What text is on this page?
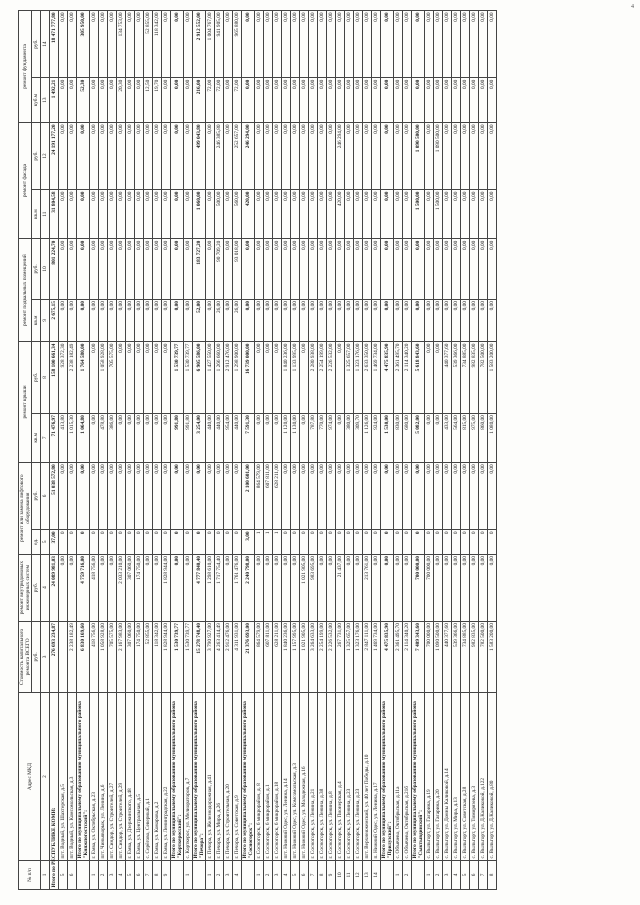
4
№ п/п	Адрес МКД	Стоимость капитального ремонта ВСЕГО	ремонт внутридомовых инженерных систем	ремонт или замена лифтового оборудования		ремонт крыши		ремонт подвальных помещений		ремонт фасада		ремонт фундамента	
		руб.	руб.	ед.	руб.	кв.м	руб.	кв.м	руб.	кв.м	руб.	куб.м	руб.
1	2	3	4	5	6	7	8	9	10	11	12	13	14
Итого по РЕСПУБЛИКЕ КОМИ:		276 693 234,87	24 089 981,03	37,00	51 038 572,80	71 476,97	158 100 661,34	2 675,15	801 224,70	31 804,58	24 191 177,20	1 492,21	18 471 777,80
5	пгт. Водный, ул. Шахтерская, д.5		0,00	0	0,00	413,80	928 372,30	0,00	0,00	0,00	0,00	0,00	0,00
6	пгт. Водный, ул. Комсомольская, д.3	2 238 182,49	0,00	0	0,00	1 015,30	2 238 182,49	0,00	0,00	0,00	0,00	0,00	0,00
	Итого по муниципальному образованию муниципального района "Княжпогостский":	6 830 169,60	4 759 716,00	0	0,00	1 064,80	1 764 580,00	0,00	0,00	0,00	0,00	52,30	305 950,00
1	г. Емва, ул. Октябрьская, д.23	418 756,00	418 756,00	0	0,00	0,00	0,00	0,00	0,00	0,00	0,00	0,00	0,00
2	пгт. Чиньяворык, ул. Ленина, д.6	1 058 928,00	0,00	0	0,00	478,80	1 058 928,00	0,00	0,00	0,00	0,00	0,00	0,00
3	пгт. Синдор, ул. Строителей, д.27	705 575,00	0,00	0	0,00	386,00	705 575,00	0,00	0,00	0,00	0,00	0,00	0,00
4	пгт. Синдор, ул. Строителей, д.29	2 167 983,00	2 033 210,00	0	0,00	0,00	0,00	0,00	0,00	0,00	0,00	20,30	134 753,00
5	г. Емва, ул. Дзержинского, д.48	307 060,00	307 060,00	0	0,00	0,00	0,00	0,00	0,00	0,00	0,00	0,00	0,00
6	г. Емва, ул. Центральная, д.5	174 750,00	174 750,00	0	0,00	0,00	0,00	0,00	0,00	0,00	0,00	0,00	0,00
7	с. Серёгово, Северный, д.1	52 855,00	0,00	0	0,00	0,00	0,00	0,00	0,00	0,00	0,00	12,50	52 855,00
8	г. Емва, ул. Комарова, д.2	118 342,00	0,00	0	0,00	0,00	0,00	0,00	0,00	0,00	0,00	19,70	118 342,00
9	г. Емва, ул. Ленинградская, д.22	1 828 944,00	1 828 944,00	0	0,00	0,00	0,00	0,00	0,00	0,00	0,00	0,00	0,00
	Итого по муниципальному образованию муниципального района "Корткеросский":	1 530 739,77	0,00	0	0,00	991,80	1 530 739,77	0,00	0,00	0,00	0,00	0,00	0,00
1	с. Корткерос, ул. Мелиораторов, д.7	1 530 739,77	0,00	0	0,00	991,80	1 530 739,77	0,00	0,00	0,00	0,00	0,00	0,00
	Итого по муниципальному образованию муниципального района "Печора":	15 278 748,40	4 777 840,40	0	0,00	3 254,00	6 905 586,00	52,00	183 727,20	1 060,00	499 043,80	216,00	2 912 552,00
1	г. Печора, ул. Железнодорожная, д.41	3 790 927,00	1 298 610,00	0	0,00	440,00	1 427 550,00	0,00	0,00	0,00	0,00	72,00	1 004 767,00
2	г. Печора, ул. Мира, д.26	4 263 414,49	1 717 754,40	0	0,00	440,00	1 266 660,00	26,00	90 709,20	500,00	246 385,80	72,00	941 905,00
3	г. Печора, ул. Строительная, д.20	2 912 476,00	0,00	0	0,00	954,00	2 912 476,00	0,00	0,00	0,00	0,00	0,00	0,00
4	г. Печора, ул. Советская, д.9	4 311 931,00	1 761 476,00	0	0,00	440,00	1 298 900,00	26,00	93 018,00	560,00	252 657,00	72,00	965 880,00
	Итого по муниципальному образованию муниципального района "Сосногорск":	21 376 693,00	2 240 798,00	3,00	2 100 601,00	7 591,30	16 739 000,00	0,00	0,00	420,00	246 294,00	0,00	0,00
1	г. Сосногорск, 6 микрорайон, д. 8	864 579,00	0,00	1	864 579,00	0,00	0,00	0,00	0,00	0,00	0,00	0,00	0,00
2	г. Сосногорск, 6 микрорайон, д.1	607 811,00	0,00	1	607 811,00	0,00	0,00	0,00	0,00	0,00	0,00	0,00	0,00
3	г. Сосногорск, 6 микрорайон, д.18	628 211,00	0,00	1	628 211,00	0,00	0,00	0,00	0,00	0,00	0,00	0,00	0,00
4	пгт. Нижний Одес, ул. Ленина, д.14	1 840 236,00	0,00	0	0,00	1 120,00	1 840 236,00	0,00	0,00	0,00	0,00	0,00	0,00
5	пгт. Нижний Одес, ул. Комсомольская, д.3	1 157 995,00	0,00	0	0,00	1 130,00	1 133 995,00	0,00	0,00	0,00	0,00	0,00	0,00
6	пгт. Нижний Одес, ул. Молодежная, д.16	1 021 905,00	1 021 905,00	0	0,00	0,00	0,00	0,00	0,00	0,00	0,00	0,00	0,00
7	г. Сосногорск, ул. Ленина, д.21	3 264 633,00	983 695,00	0	0,00	787,80	2 280 938,00	0,00	0,00	0,00	0,00	0,00	0,00
8	г. Сосногорск, ул. Ленина, д.38	2 254 199,00	0,00	0	0,00	770,00	2 254 199,00	0,00	0,00	0,00	0,00	0,00	0,00
9	г. Сосногорск, ул. Ленина, д.8	2 226 532,00	0,00	0	0,00	974,00	2 226 532,00	0,00	0,00	0,00	0,00	0,00	0,00
10	г. Сосногорск, ул. Пионерская, д.4	267 731,00	21 437,00	0	0,00	0,00	0,00	0,00	0,00	420,00	246 294,00	0,00	0,00
11	г. Сосногорск, ул. Ленина, д.23	1 325 657,00	0,00	0	0,00	380,00	1 325 657,00	0,00	0,00	0,00	0,00	0,00	0,00
12	г. Сосногорск, ул. Ленина, д.23	1 323 176,00	0,00	0	0,00	309,70	1 323 176,00	0,00	0,00	0,00	0,00	0,00	0,00
13	пгт. Верхнеижемский, ул. 40 лет Победы, д.10	2 847 111,00	213 761,00	0	0,00	1 126,00	2 633 350,00	0,00	0,00	0,00	0,00	0,00	0,00
14	п. Нижний Одес, ул. Ленина, д.17	1 469 734,00	0,00	0	0,00	924,00	1 469 734,00	0,00	0,00	0,00	0,00	0,00	0,00
	Итого по муниципальному образованию муниципального района "Прилузский":	4 475 835,90	0,00	0	0,00	1 530,00	4 475 835,90	0,00	0,00	0,00	0,00	0,00	0,00
1	с. Объячево, Октябрьская, д.11а	2 361 495,70	0,00	0	0,00	830,00	2 361 495,70	0,00	0,00	0,00	0,00	0,00	0,00
2	с. Объячево, Октябрьская, д.21б	2 114 340,20	0,00	0	0,00	680,00	2 114 340,20	0,00	0,00	0,00	0,00	0,00	0,00
	Итого по муниципальному образованию муниципального района "Сыктывдинский":	7 409 343,60	700 000,00	0	0,00	5 082,00	5 618 843,60	0,00	0,00	1 500,00	1 090 500,00	0,00	0,00
1	с. Выльгорт, ул. Гагарина, д.19	700 000,00	700 000,00	0	0,00	0,00	0,00	0,00	0,00	0,00	0,00	0,00	0,00
2	с. Выльгорт, ул. Гагарина, д.20	1 090 500,00	0,00	0	0,00	0,00	0,00	0,00	0,00	1 500,00	1 090 500,00	0,00	0,00
3	с. Выльгорт, ул. Домны Каликовой, д.14	440 377,60	0,00	0	0,00	433,00	440 377,60	0,00	0,00	0,00	0,00	0,00	0,00
4	с. Выльгорт, ул. Мира, д.13	539 366,00	0,00	0	0,00	564,00	539 366,00	0,00	0,00	0,00	0,00	0,00	0,00
5	с. Выльгорт, ул. Советская, д.28	734 885,00	0,00	0	0,00	815,00	734 885,00	0,00	0,00	0,00	0,00	0,00	0,00
6	с. Выльгорт, ул. Тимирязева, д.3	982 835,00	0,00	0	0,00	975,00	982 835,00	0,00	0,00	0,00	0,00	0,00	0,00
7	с. Выльгорт, ул. Д.Каликовой, д.122	782 500,00	0,00	0	0,00	860,00	782 500,00	0,00	0,00	0,00	0,00	0,00	0,00
8	с. Выльгорт, ул. Д.Каликовой, д.80	1 583 200,00	0,00	0	0,00	1 080,00	1 583 200,00	0,00	0,00	0,00	0,00	0,00	0,00
